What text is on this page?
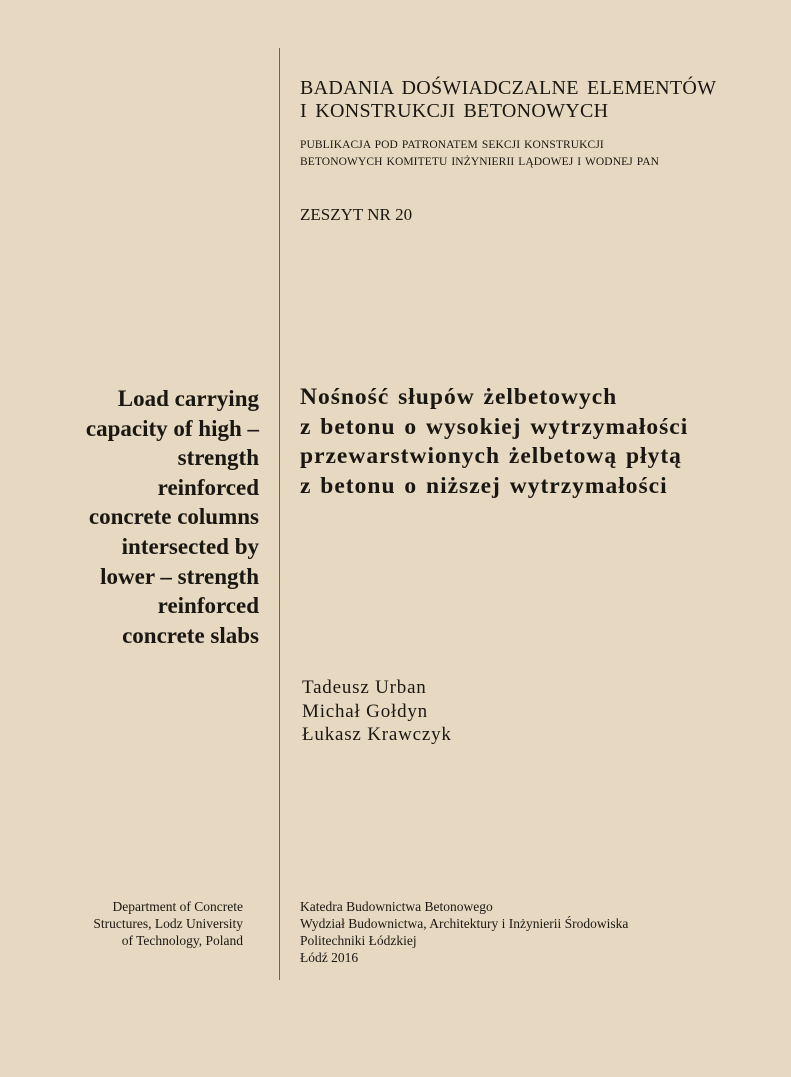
BADANIA DOŚWIADCZALNE ELEMENTÓW
I KONSTRUKCJI BETONOWYCH
PUBLIKACJA POD PATRONATEM SEKCJI KONSTRUKCJI
BETONOWYCH KOMITETU INŻYNIERII LĄDOWEJ I WODNEJ PAN
ZESZYT NR 20
Load carrying
capacity of high –
strength
reinforced
concrete columns
intersected by
lower – strength
reinforced
concrete slabs
Nośność słupów żelbetowych
z betonu o wysokiej wytrzymałości
przewarstwionych żelbetową płytą
z betonu o niższej wytrzymałości
Tadeusz Urban
Michał Gołdyn
Łukasz Krawczyk
Department of Concrete
Structures, Lodz University
of Technology, Poland
Katedra Budownictwa Betonowego
Wydział Budownictwa, Architektury i Inżynierii Środowiska
Politechniki Łódzkiej
Łódź 2016
